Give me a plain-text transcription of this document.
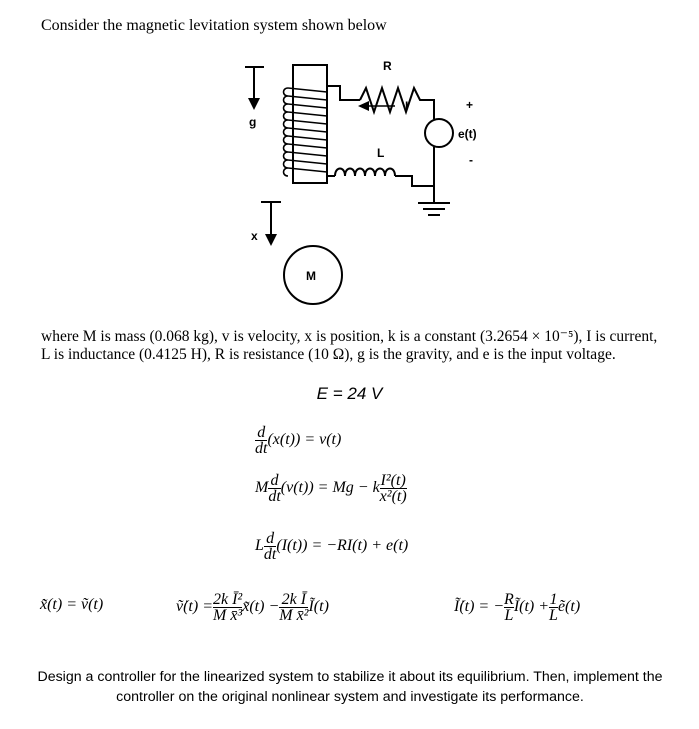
Consider the magnetic levitation system shown below
g
x
R
I
L
M
+
e(t)
-
where M is mass (0.068 kg), v is velocity, x is position, k is a constant (3.2654 × 10⁻⁵), I is current,
L is inductance (0.4125 H), R is resistance (10 Ω), g is the gravity, and e is the input voltage.
E = 24 V
$\frac{d}{dt} (x(t)) = v(t)$
M $\frac{d}{dt} (v(t)) = Mg - k \frac{\text{I²(t)}}{\text{x²(t)}}$
L $\frac{d}{dt} (I(t)) = -RI(t) + e(t)$
x̃̇(t) = ṽ(t)	ṽ̇(t) = $\frac{\text{2k Ī²}}{\text{M x̄³}}$ x̃(t) − $\frac{\text{2k Ī}}{\text{M x̄²}}$ Ĩ(t)	Ĩ̇(t) = − $\frac{R}{L}$ Ĩ(t) + $\frac{1}{L}$ ẽ(t)
Design a controller for the linearized system to stabilize it about its equilibrium. Then, implement the
controller on the original nonlinear system and investigate its performance.
